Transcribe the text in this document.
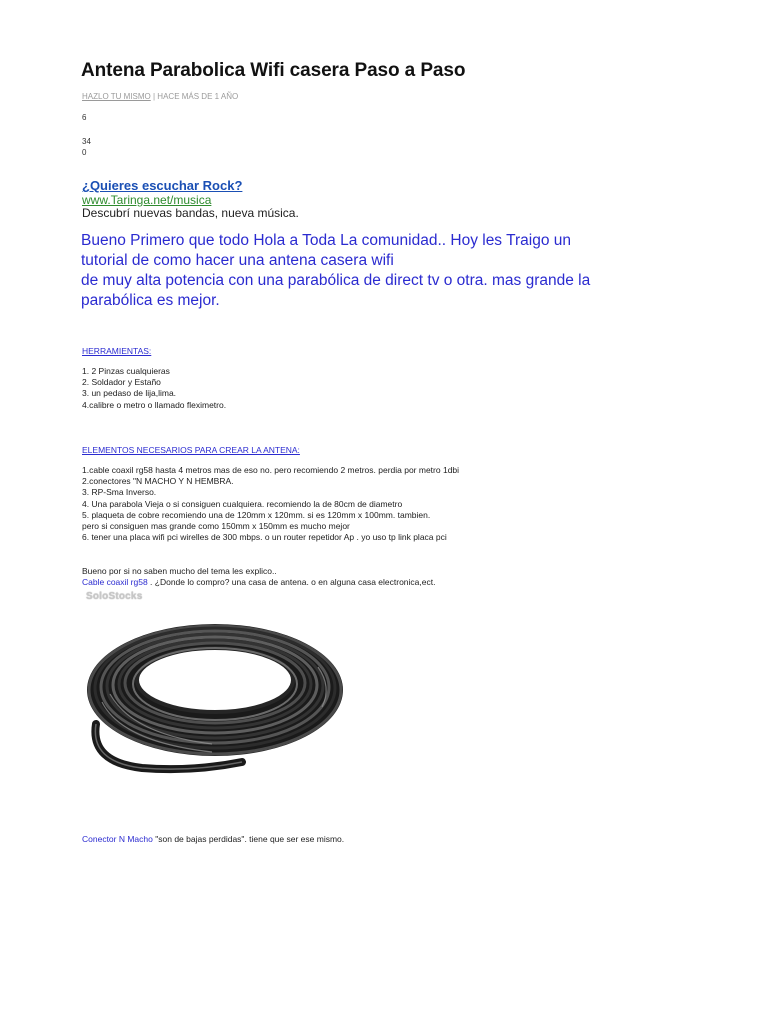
Antena Parabolica Wifi casera Paso a Paso
HAZLO TU MISMO | HACE MÁS DE 1 AÑO
6
34
0
¿Quieres escuchar Rock?
www.Taringa.net/musica
Descubrí nuevas bandas, nueva música.
Bueno Primero que todo Hola a Toda La comunidad.. Hoy les Traigo un
tutorial de como hacer una antena casera wifi
de muy alta potencia con una parabólica de direct tv o otra. mas grande la
parabólica es mejor.
HERRAMIENTAS:
1. 2 Pinzas cualquieras
2. Soldador y Estaño
3. un pedaso de lija,lima.
4.calibre o metro o llamado fleximetro.
ELEMENTOS NECESARIOS PARA CREAR LA ANTENA:
1.cable coaxil rg58 hasta 4 metros mas de eso no. pero recomiendo 2 metros. perdia por metro 1dbi
2.conectores "N MACHO Y N HEMBRA.
3. RP-Sma Inverso.
4. Una parabola Vieja o si consiguen cualquiera. recomiendo la de 80cm de diametro
5. plaqueta de cobre recomiendo una de 120mm x 120mm. si es 120mm x 100mm. tambien.
pero si consiguen mas grande como 150mm x 150mm es mucho mejor
6. tener una placa wifi pci wirelles de 300 mbps. o un router repetidor Ap . yo uso tp link placa pci
Bueno por si no saben mucho del tema les explico..
Cable coaxil rg58 . ¿Donde lo compro? una casa de antena. o en alguna casa electronica,ect.
SoloStocks
Conector N Macho "son de bajas perdidas". tiene que ser ese mismo.
